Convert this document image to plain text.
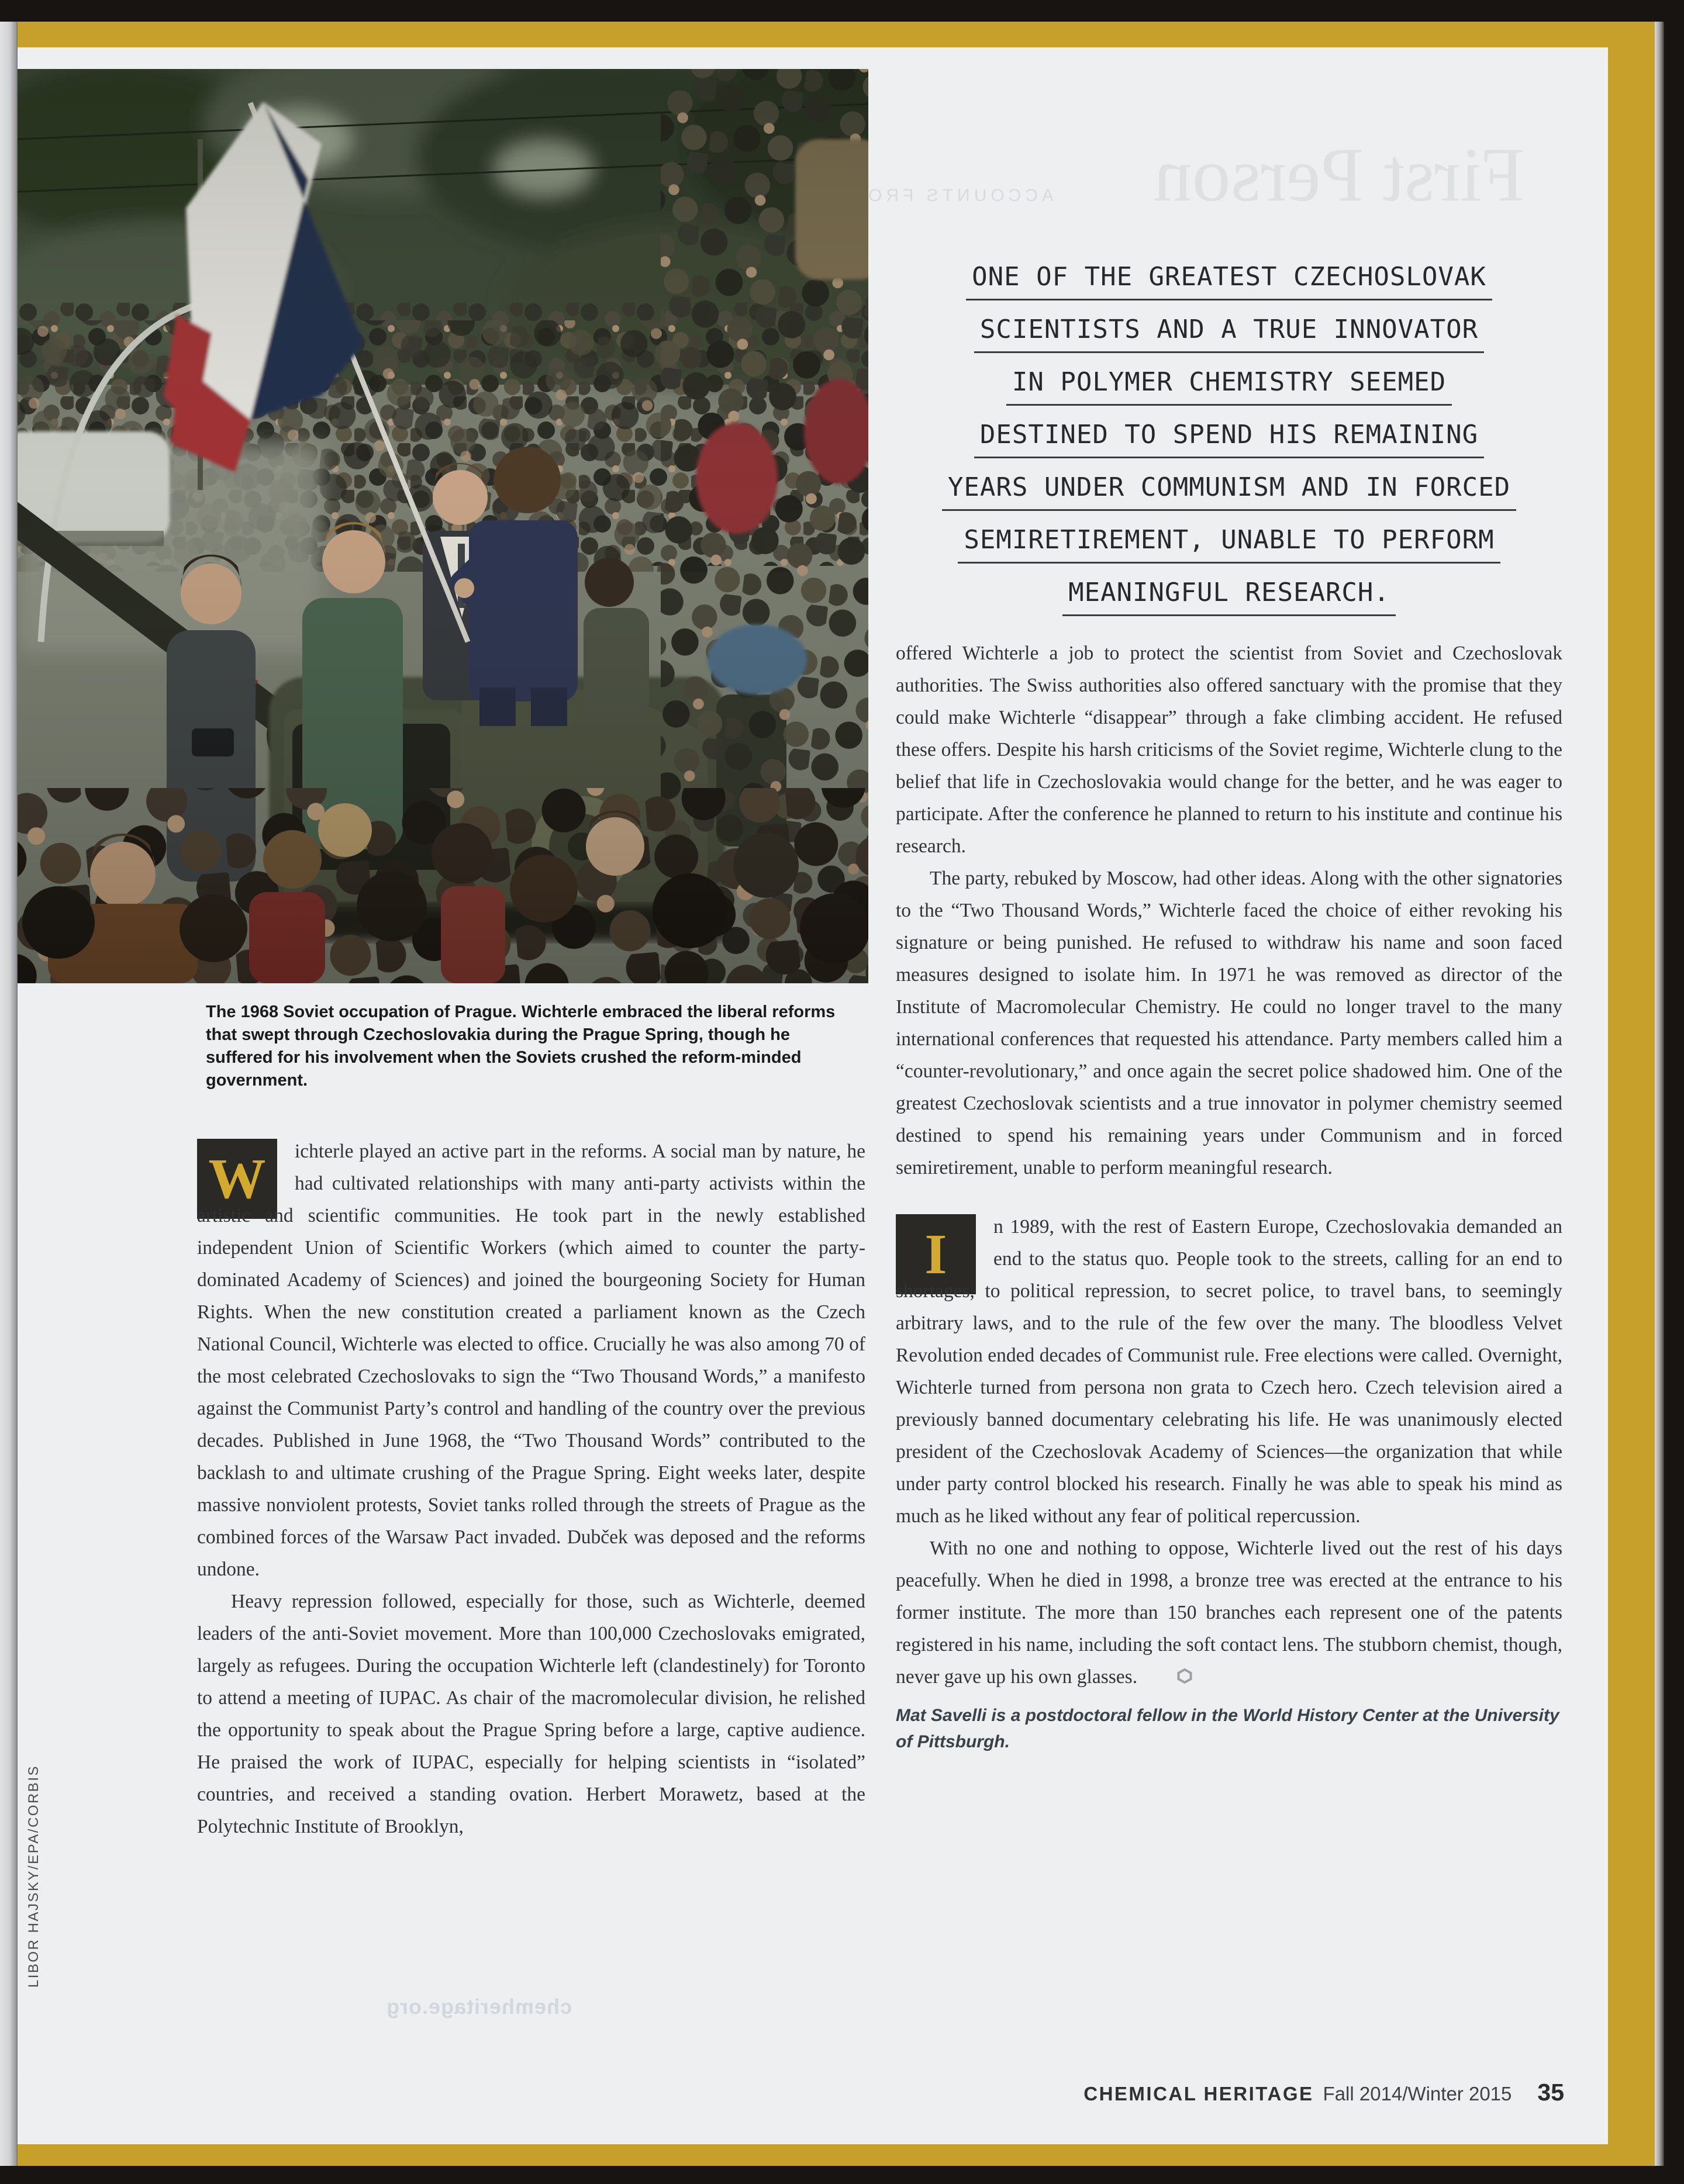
chemheritage.org
The 1968 Soviet occupation of Prague. Wichterle embraced the liberal reforms that swept through Czechoslovakia during the Prague Spring, though he suffered for his involvement when the Soviets crushed the reform-minded government.
LIBOR HAJSKY/EPA/CORBIS
ONE OF THE GREATEST CZECHOSLOVAK
SCIENTISTS AND A TRUE INNOVATOR
IN POLYMER CHEMISTRY SEEMED
DESTINED TO SPEND HIS REMAINING
YEARS UNDER COMMUNISM AND IN FORCED
SEMIRETIREMENT, UNABLE TO PERFORM
MEANINGFUL RESEARCH.

W	ichterle played an active part in the reforms. A social man by nature, he had cultivated relationships with many anti-party activists within the artistic and scientific communities. He took part in the newly established independent Union of Scientific Workers (which aimed to counter the party-dominated Academy of Sciences) and joined the bourgeoning Society for Human Rights. When the new constitution created a parliament known as the Czech National Council, Wichterle was elected to office. Crucially he was also among 70 of the most celebrated Czechoslovaks to sign the “Two Thousand Words,” a manifesto against the Communist Party’s control and handling of the country over the previous decades. Published in June 1968, the “Two Thousand Words” contributed to the backlash to and ultimate crushing of the Prague Spring. Eight weeks later, despite massive nonviolent protests, Soviet tanks rolled through the streets of Prague as the combined forces of the Warsaw Pact invaded. Dubček was deposed and the reforms undone.

Heavy repression followed, especially for those, such as Wichterle, deemed leaders of the anti-Soviet movement. More than 100,000 Czechoslovaks emigrated, largely as refugees. During the occupation Wichterle left (clandestinely) for Toronto to attend a meeting of IUPAC. As chair of the macromolecular division, he relished the opportunity to speak about the Prague Spring before a large, captive audience. He praised the work of IUPAC, especially for helping scientists in “isolated” countries, and received a standing ovation. Herbert Morawetz, based at the Polytechnic Institute of Brooklyn,

offered Wichterle a job to protect the scientist from Soviet and Czechoslovak authorities. The Swiss authorities also offered sanctuary with the promise that they could make Wichterle “disappear” through a fake climbing accident. He refused these offers. Despite his harsh criticisms of the Soviet regime, Wichterle clung to the belief that life in Czechoslovakia would change for the better, and he was eager to participate. After the conference he planned to return to his institute and continue his research.

The party, rebuked by Moscow, had other ideas. Along with the other signatories to the “Two Thousand Words,” Wichterle faced the choice of either revoking his signature or being punished. He refused to withdraw his name and soon faced measures designed to isolate him. In 1971 he was removed as director of the Institute of Macromolecular Chemistry. He could no longer travel to the many international conferences that requested his attendance. Party members called him a “counter-revolutionary,” and once again the secret police shadowed him. One of the greatest Czechoslovak scientists and a true innovator in polymer chemistry seemed destined to spend his remaining years under Communism and in forced semiretirement, unable to perform meaningful research.

I	n 1989, with the rest of Eastern Europe, Czechoslovakia demanded an end to the status quo. People took to the streets, calling for an end to shortages, to political repression, to secret police, to travel bans, to seemingly arbitrary laws, and to the rule of the few over the many. The bloodless Velvet Revolution ended decades of Communist rule. Free elections were called. Overnight, Wichterle turned from persona non grata to Czech hero. Czech television aired a previously banned documentary celebrating his life. He was unanimously elected president of the Czechoslovak Academy of Sciences—the organization that while under party control blocked his research. Finally he was able to speak his mind as much as he liked without any fear of political repercussion.

With no one and nothing to oppose, Wichterle lived out the rest of his days peacefully. When he died in 1998, a bronze tree was erected at the entrance to his former institute. The more than 150 branches each represent one of the patents registered in his name, including the soft contact lens. The stubborn chemist, though, never gave up his own glasses.

Mat Savelli is a postdoctoral fellow in the World History Center at the University of Pittsburgh.

CHEMICAL HERITAGE Fall 2014/Winter 2015 35
